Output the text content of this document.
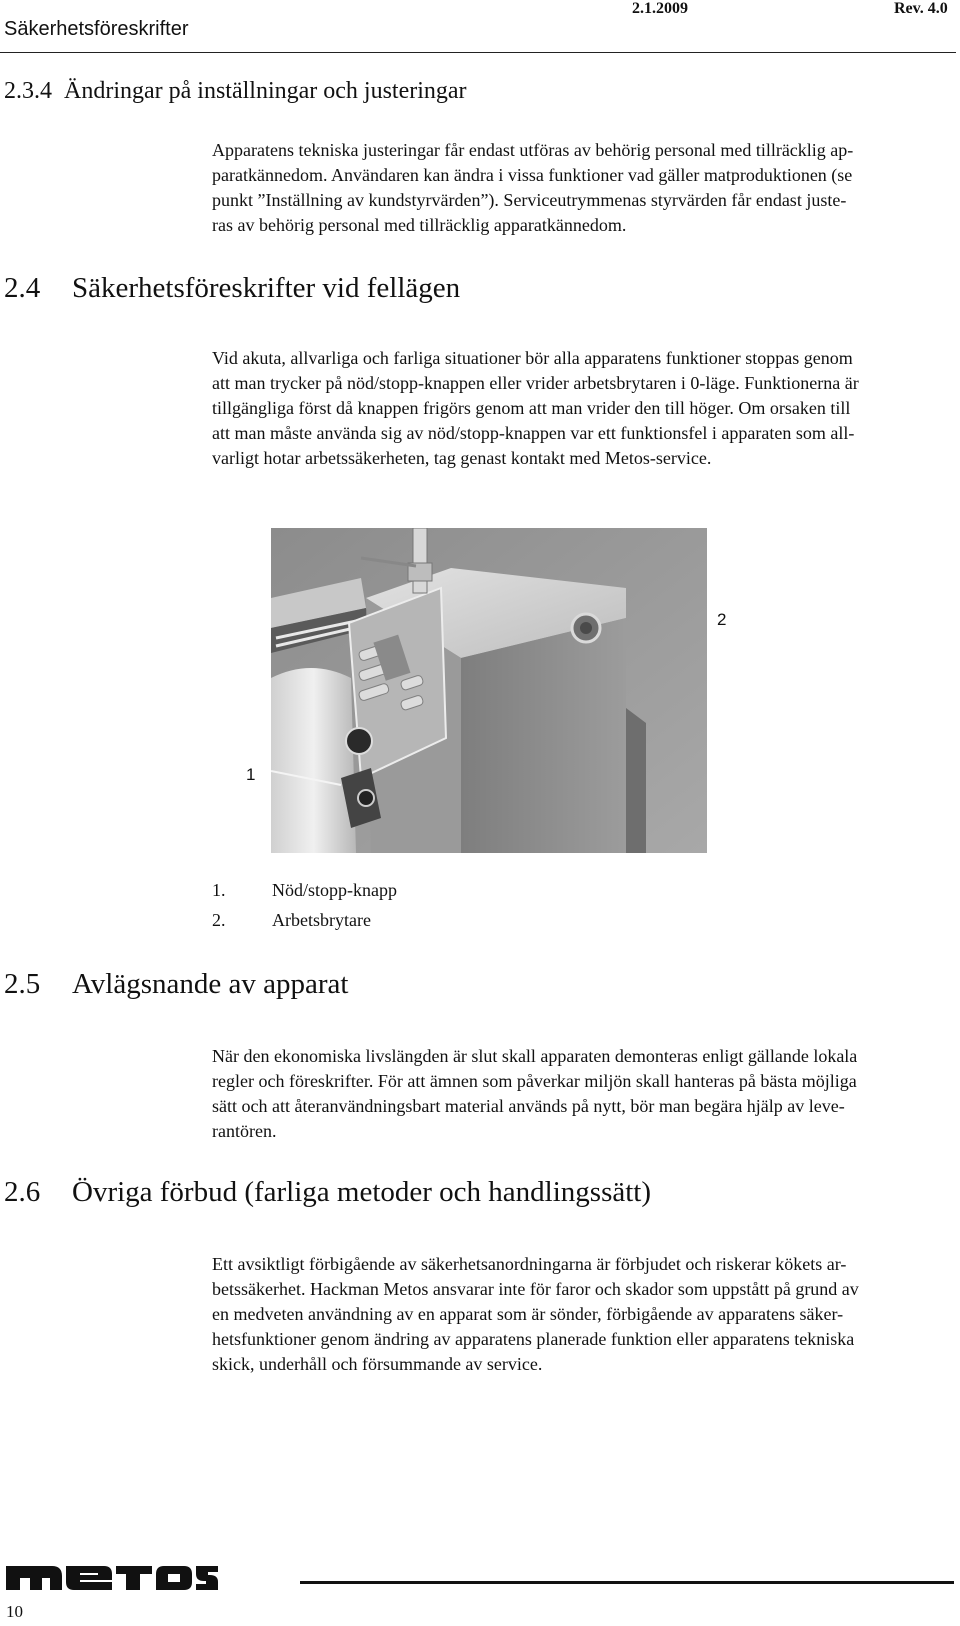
Säkerhetsföreskrifter
2.1.2009	Rev. 4.0
2.3.4 Ändringar på inställningar och justeringar
Apparatens tekniska justeringar får endast utföras av behörig personal med tillräcklig ap-
paratkännedom. Användaren kan ändra i vissa funktioner vad gäller matproduktionen (se
punkt ”Inställning av kundstyrvärden”). Serviceutrymmenas styrvärden får endast juste-
ras av behörig personal med tillräcklig apparatkännedom.
2.4 Säkerhetsföreskrifter vid fellägen
Vid akuta, allvarliga och farliga situationer bör alla apparatens funktioner stoppas genom
att man trycker på nöd/stopp-knappen eller vrider arbetsbrytaren i 0-läge. Funktionerna är
tillgängliga först då knappen frigörs genom att man vrider den till höger. Om orsaken till
att man måste använda sig av nöd/stopp-knappen var ett funktionsfel i apparaten som all-
varligt hotar arbetssäkerheten, tag genast kontakt med Metos-service.
1
2
1.	Nöd/stopp-knapp
2.	Arbetsbrytare
2.5 Avlägsnande av apparat
När den ekonomiska livslängden är slut skall apparaten demonteras enligt gällande lokala
regler och föreskrifter. För att ämnen som påverkar miljön skall hanteras på bästa möjliga
sätt och att återanvändningsbart material används på nytt, bör man begära hjälp av leve-
rantören.
2.6 Övriga förbud (farliga metoder och handlingssätt)
Ett avsiktligt förbigående av säkerhetsanordningarna är förbjudet och riskerar kökets ar-
betssäkerhet. Hackman Metos ansvarar inte för faror och skador som uppstått på grund av
en medveten användning av en apparat som är sönder, förbigående av apparatens säker-
hetsfunktioner genom ändring av apparatens planerade funktion eller apparatens tekniska
skick, underhåll och försummande av service.
10
